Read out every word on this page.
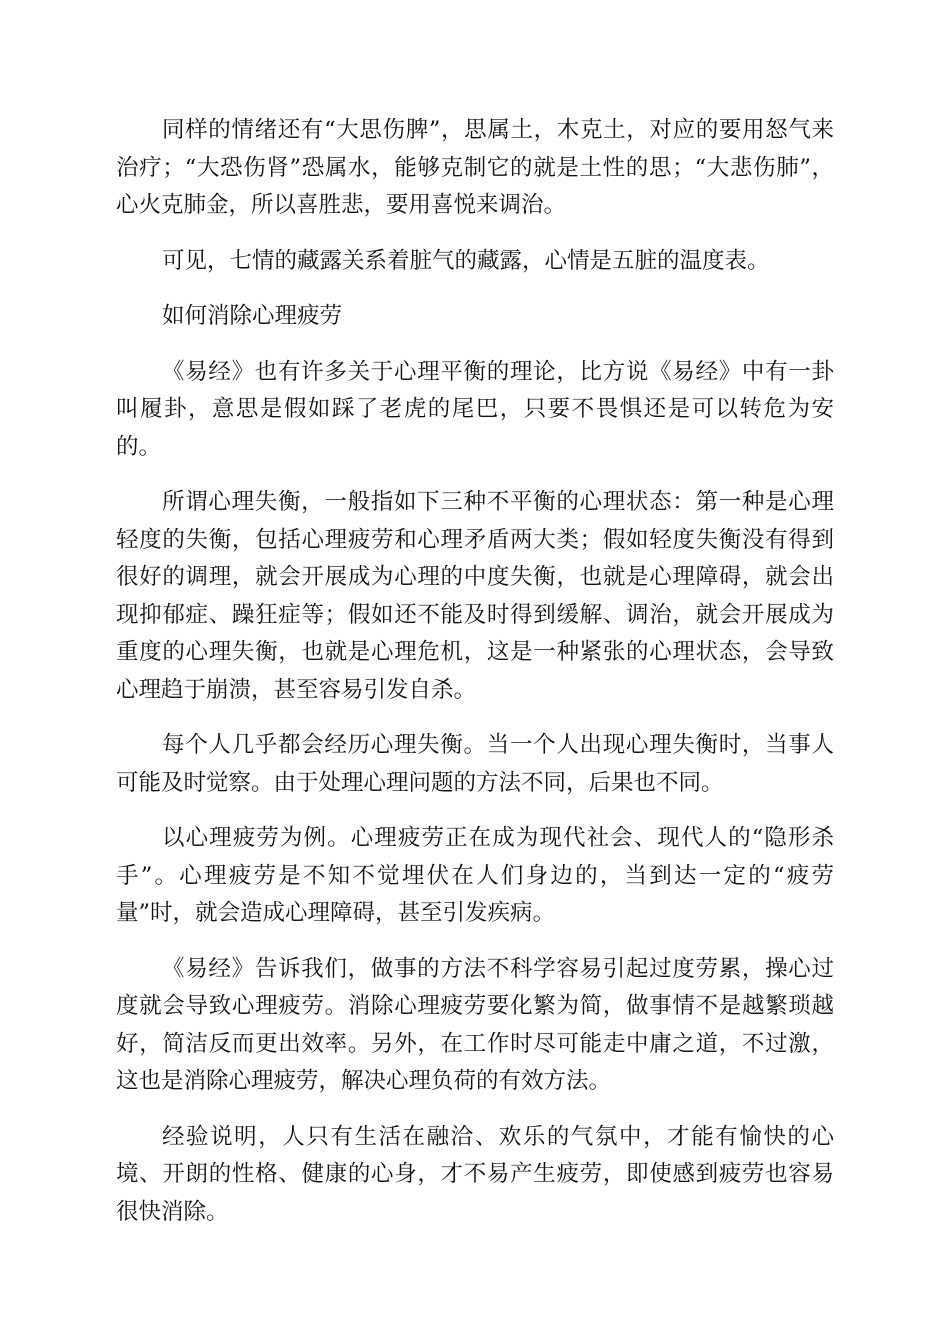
同样的情绪还有“大思伤脾”，思属土，木克土，对应的要用怒气来治疗；“大恐伤肾”恐属水，能够克制它的就是土性的思；“大悲伤肺”，心火克肺金，所以喜胜悲，要用喜悦来调治。

可见，七情的藏露关系着脏气的藏露，心情是五脏的温度表。

如何消除心理疲劳

《易经》也有许多关于心理平衡的理论，比方说《易经》中有一卦叫履卦，意思是假如踩了老虎的尾巴，只要不畏惧还是可以转危为安的。

所谓心理失衡，一般指如下三种不平衡的心理状态：第一种是心理轻度的失衡，包括心理疲劳和心理矛盾两大类；假如轻度失衡没有得到很好的调理，就会开展成为心理的中度失衡，也就是心理障碍，就会出现抑郁症、躁狂症等；假如还不能及时得到缓解、调治，就会开展成为重度的心理失衡，也就是心理危机，这是一种紧张的心理状态，会导致心理趋于崩溃，甚至容易引发自杀。

每个人几乎都会经历心理失衡。当一个人出现心理失衡时，当事人可能及时觉察。由于处理心理问题的方法不同，后果也不同。

以心理疲劳为例。心理疲劳正在成为现代社会、现代人的“隐形杀手”。心理疲劳是不知不觉埋伏在人们身边的，当到达一定的“疲劳量”时，就会造成心理障碍，甚至引发疾病。

《易经》告诉我们，做事的方法不科学容易引起过度劳累，操心过度就会导致心理疲劳。消除心理疲劳要化繁为简，做事情不是越繁琐越好，简洁反而更出效率。另外，在工作时尽可能走中庸之道，不过激，这也是消除心理疲劳，解决心理负荷的有效方法。

经验说明，人只有生活在融洽、欢乐的气氛中，才能有愉快的心境、开朗的性格、健康的心身，才不易产生疲劳，即使感到疲劳也容易很快消除。
